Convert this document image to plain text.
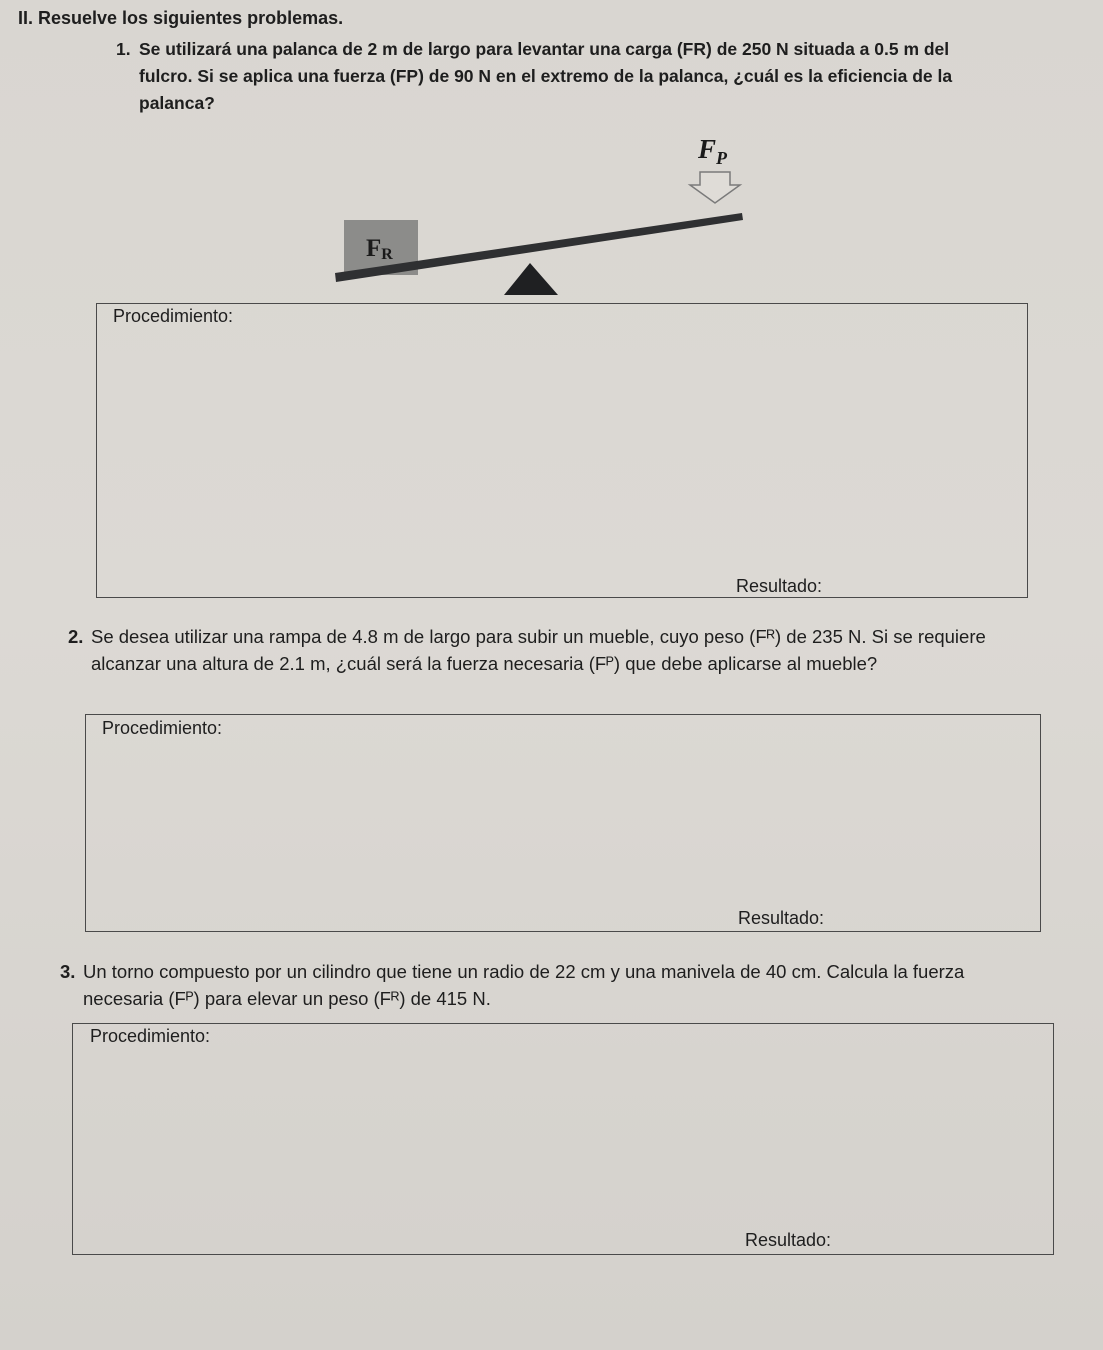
II. Resuelve los siguientes problemas.
1. Se utilizará una palanca de 2 m de largo para levantar una carga (FR) de 250 N situada a 0.5 m del fulcro. Si se aplica una fuerza (FP) de 90 N en el extremo de la palanca, ¿cuál es la eficiencia de la palanca?
$F_P$
FR
Procedimiento:
Resultado:
2. Se desea utilizar una rampa de 4.8 m de largo para subir un mueble, cuyo peso (Fᴿ) de 235 N. Si se requiere alcanzar una altura de 2.1 m, ¿cuál será la fuerza necesaria (Fᴾ) que debe aplicarse al mueble?
Procedimiento:
Resultado:
3. Un torno compuesto por un cilindro que tiene un radio de 22 cm y una manivela de 40 cm. Calcula la fuerza necesaria (Fᴾ) para elevar un peso (Fᴿ) de 415 N.
Procedimiento:
Resultado:
